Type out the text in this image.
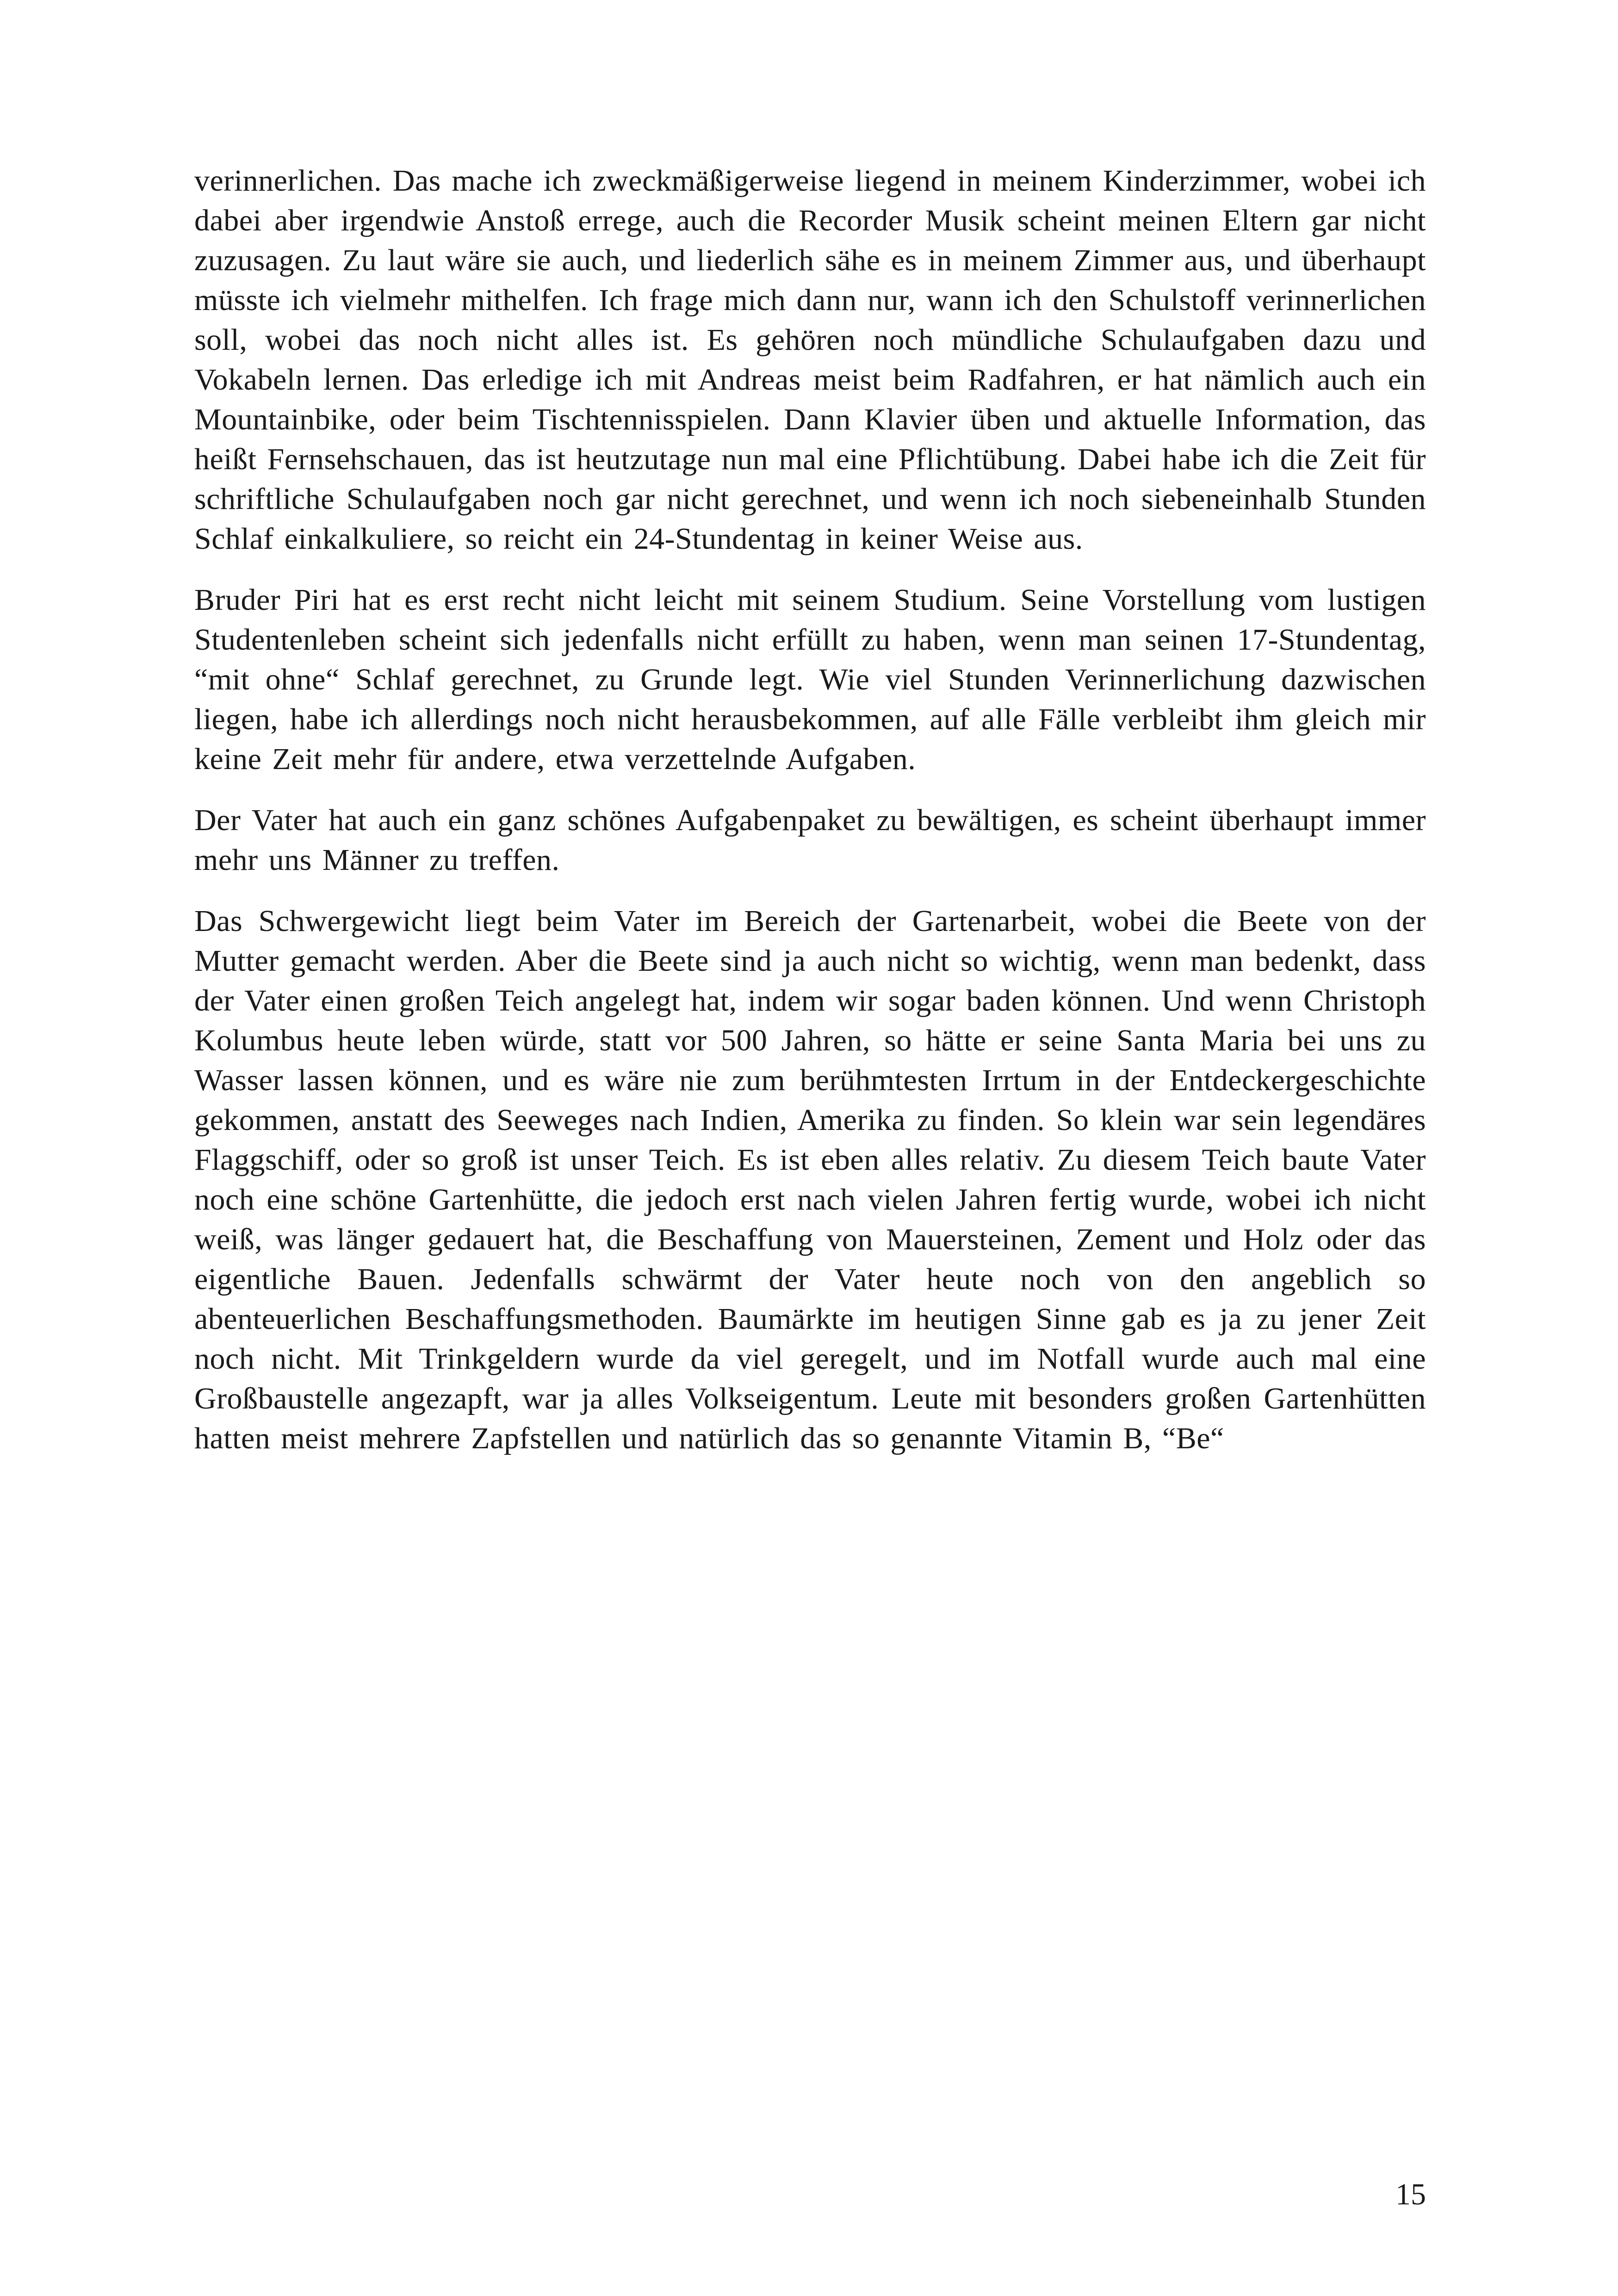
verinnerlichen. Das mache ich zweckmäßigerweise liegend in meinem Kinderzimmer, wobei ich dabei aber irgendwie Anstoß errege, auch die Recorder Musik scheint meinen Eltern gar nicht zuzusagen. Zu laut wäre sie auch, und liederlich sähe es in meinem Zimmer aus, und überhaupt müsste ich vielmehr mithelfen. Ich frage mich dann nur, wann ich den Schulstoff verinnerlichen soll, wobei das noch nicht alles ist. Es gehören noch mündliche Schulaufgaben dazu und Vokabeln lernen. Das erledige ich mit Andreas meist beim Radfahren, er hat nämlich auch ein Mountainbike, oder beim Tischtennisspielen. Dann Klavier üben und aktuelle Information, das heißt Fernsehschauen, das ist heutzutage nun mal eine Pflichtübung. Dabei habe ich die Zeit für schriftliche Schulaufgaben noch gar nicht gerechnet, und wenn ich noch siebeneinhalb Stunden Schlaf einkalkuliere, so reicht ein 24-Stundentag in keiner Weise aus.

Bruder Piri hat es erst recht nicht leicht mit seinem Studium. Seine Vorstellung vom lustigen Studentenleben scheint sich jedenfalls nicht erfüllt zu haben, wenn man seinen 17-Stundentag, “mit ohne“ Schlaf gerechnet, zu Grunde legt. Wie viel Stunden Verinnerlichung dazwischen liegen, habe ich allerdings noch nicht herausbekommen, auf alle Fälle verbleibt ihm gleich mir keine Zeit mehr für andere, etwa verzettelnde Aufgaben.

Der Vater hat auch ein ganz schönes Aufgabenpaket zu bewältigen, es scheint überhaupt immer mehr uns Männer zu treffen.

Das Schwergewicht liegt beim Vater im Bereich der Gartenarbeit, wobei die Beete von der Mutter gemacht werden. Aber die Beete sind ja auch nicht so wichtig, wenn man bedenkt, dass der Vater einen großen Teich angelegt hat, indem wir sogar baden können. Und wenn Christoph Kolumbus heute leben würde, statt vor 500 Jahren, so hätte er seine Santa Maria bei uns zu Wasser lassen können, und es wäre nie zum berühmtesten Irrtum in der Entdeckergeschichte gekommen, anstatt des Seeweges nach Indien, Amerika zu finden. So klein war sein legendäres Flaggschiff, oder so groß ist unser Teich. Es ist eben alles relativ. Zu diesem Teich baute Vater noch eine schöne Gartenhütte, die jedoch erst nach vielen Jahren fertig wurde, wobei ich nicht weiß, was länger gedauert hat, die Beschaffung von Mauersteinen, Zement und Holz oder das eigentliche Bauen. Jedenfalls schwärmt der Vater heute noch von den angeblich so abenteuerlichen Beschaffungsmethoden. Baumärkte im heutigen Sinne gab es ja zu jener Zeit noch nicht. Mit Trinkgeldern wurde da viel geregelt, und im Notfall wurde auch mal eine Großbaustelle angezapft, war ja alles Volkseigentum. Leute mit besonders großen Gartenhütten hatten meist mehrere Zapfstellen und natürlich das so genannte Vitamin B, “Be“

15
